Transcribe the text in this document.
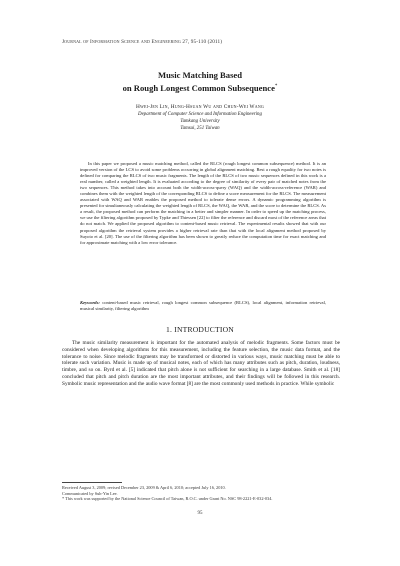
Journal of Information Science and Engineering 27, 95-110 (2011)
Music Matching Based
on Rough Longest Common Subsequence*
Hwei-Jen Lin, Hung-Hsuan Wu and Chun-Wei Wang
Department of Computer Science and Information Engineering
Tamkang University
Tamsui, 251 Taiwan
In this paper we proposed a music matching method, called the RLCS (rough longest common subsequence) method. It is an improved version of the LCS to avoid some problems occurring in global alignment matching. Rest a rough equality for two notes is defined for comparing the RLCS of two music fragments. The length of the RLCS of two music sequences defined in this work is a real number, called a weighted length. It is evaluated according to the degree of similarity of every pair of matched notes from the two sequences. This method takes into account both the width-across-query (WAQ) and the width-across-reference (WAR) and combines them with the weighted length of the corresponding RLCS to define a score measurement for the RLCS. The measurement associated with WAQ and WAR enables the proposed method to tolerate dense errors. A dynamic programming algorithm is presented for simultaneously calculating the weighted length of RLCS, the WAQ, the WAR, and the score to determine the RLCS. As a result, the proposed method can perform the matching in a better and simpler manner. In order to speed up the matching process, we use the filtering algorithm proposed by Typke and Thiessen [22] to filter the reference and discard most of the reference areas that do not match. We applied the proposed algorithm to content-based music retrieval. The experimental results showed that with our proposed algorithm the retrieval system provides a higher retrieval rate than that with the local alignment method proposed by Suyoto et al. [20]. The use of the filtering algorithm has been shown to greatly reduce the computation time for exact matching and for approximate matching with a low error tolerance.
Keywords: content-based music retrieval, rough longest common subsequence (RLCS), local alignment, information retrieval, musical similarity, filtering algorithm
1. INTRODUCTION
The music similarity measurement is important for the automated analysis of melodic fragments. Some factors must be considered when developing algorithms for this measurement, including the feature selection, the music data format, and the tolerance to noise. Since melodic fragments may be transformed or distorted in various ways, music matching must be able to tolerate such variation. Music is made up of musical notes, each of which has many attributes such as pitch, duration, loudness, timbre, and so on. Byrd et al. [5] indicated that pitch alone is not sufficient for searching in a large database. Smith et al. [18] concluded that pitch and pitch duration are the most important attributes, and their findings will be followed in this research. Symbolic music representation and the audio wave format [8] are the most commonly used methods in practice. While symbolic
Received August 3, 2009; revised December 23, 2009 & April 6, 2010; accepted July 16, 2010.
Communicated by Suh-Yin Lee.
* This work was supported by the National Science Council of Taiwan, R.O.C. under Grant No. NSC 98-2221-E-032-034.
95
